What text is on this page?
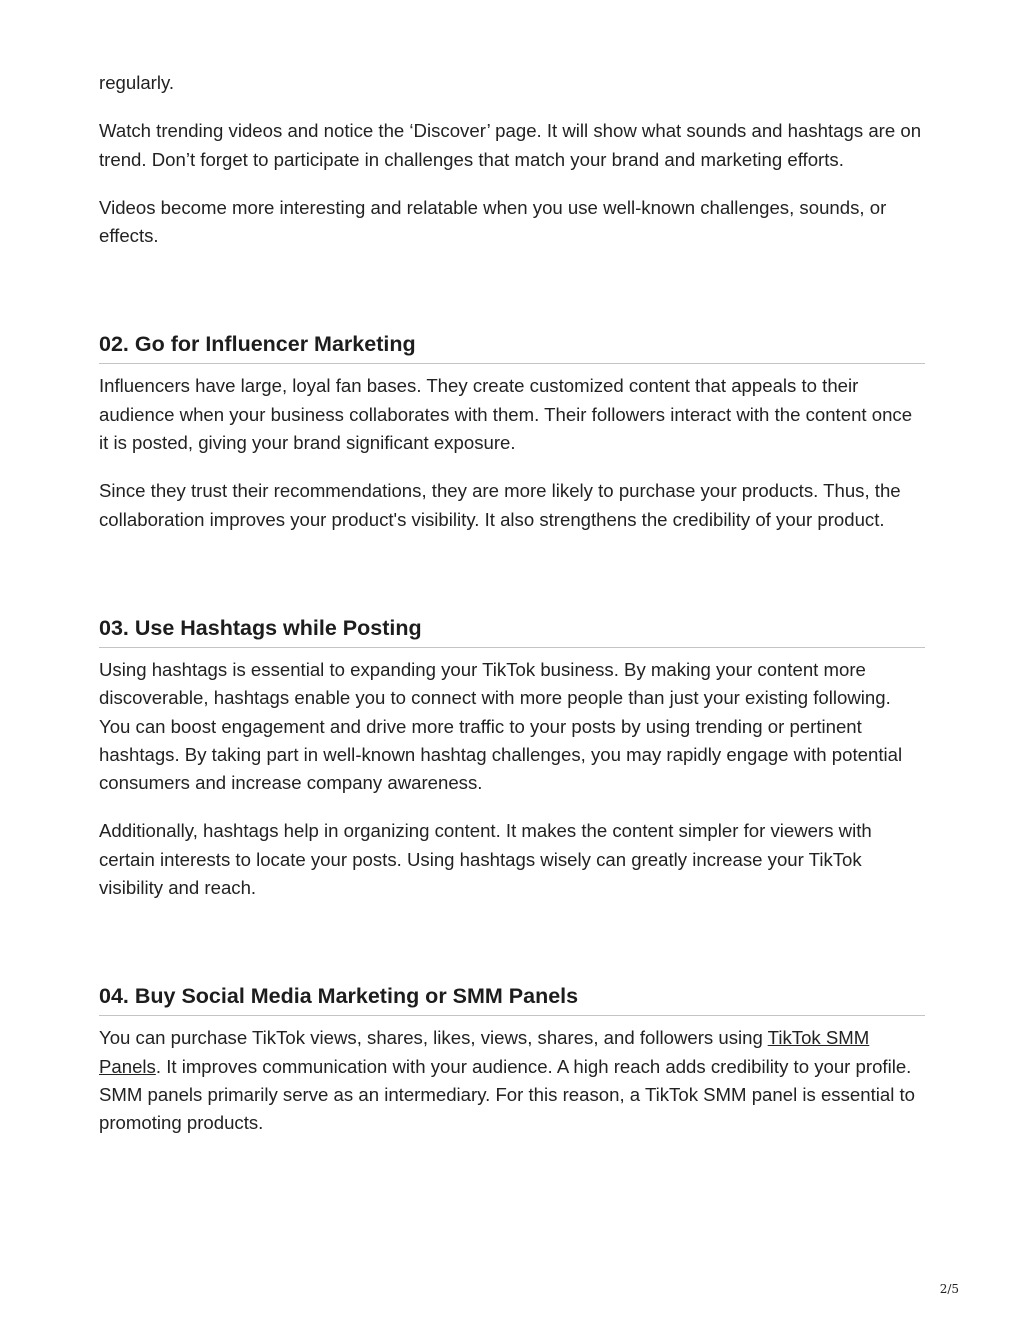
regularly.

Watch trending videos and notice the ‘Discover’ page. It will show what sounds and hashtags are on trend. Don’t forget to participate in challenges that match your brand and marketing efforts.

Videos become more interesting and relatable when you use well-known challenges, sounds, or effects.

02. Go for Influencer Marketing

Influencers have large, loyal fan bases. They create customized content that appeals to their audience when your business collaborates with them. Their followers interact with the content once it is posted, giving your brand significant exposure.

Since they trust their recommendations, they are more likely to purchase your products. Thus, the collaboration improves your product's visibility. It also strengthens the credibility of your product.

03. Use Hashtags while Posting

Using hashtags is essential to expanding your TikTok business. By making your content more discoverable, hashtags enable you to connect with more people than just your existing following. You can boost engagement and drive more traffic to your posts by using trending or pertinent hashtags. By taking part in well-known hashtag challenges, you may rapidly engage with potential consumers and increase company awareness.

Additionally, hashtags help in organizing content. It makes the content simpler for viewers with certain interests to locate your posts. Using hashtags wisely can greatly increase your TikTok visibility and reach.

04. Buy Social Media Marketing or SMM Panels

You can purchase TikTok views, shares, likes, views, shares, and followers using TikTok SMM Panels. It improves communication with your audience. A high reach adds credibility to your profile. SMM panels primarily serve as an intermediary. For this reason, a TikTok SMM panel is essential to promoting products.

2/5
